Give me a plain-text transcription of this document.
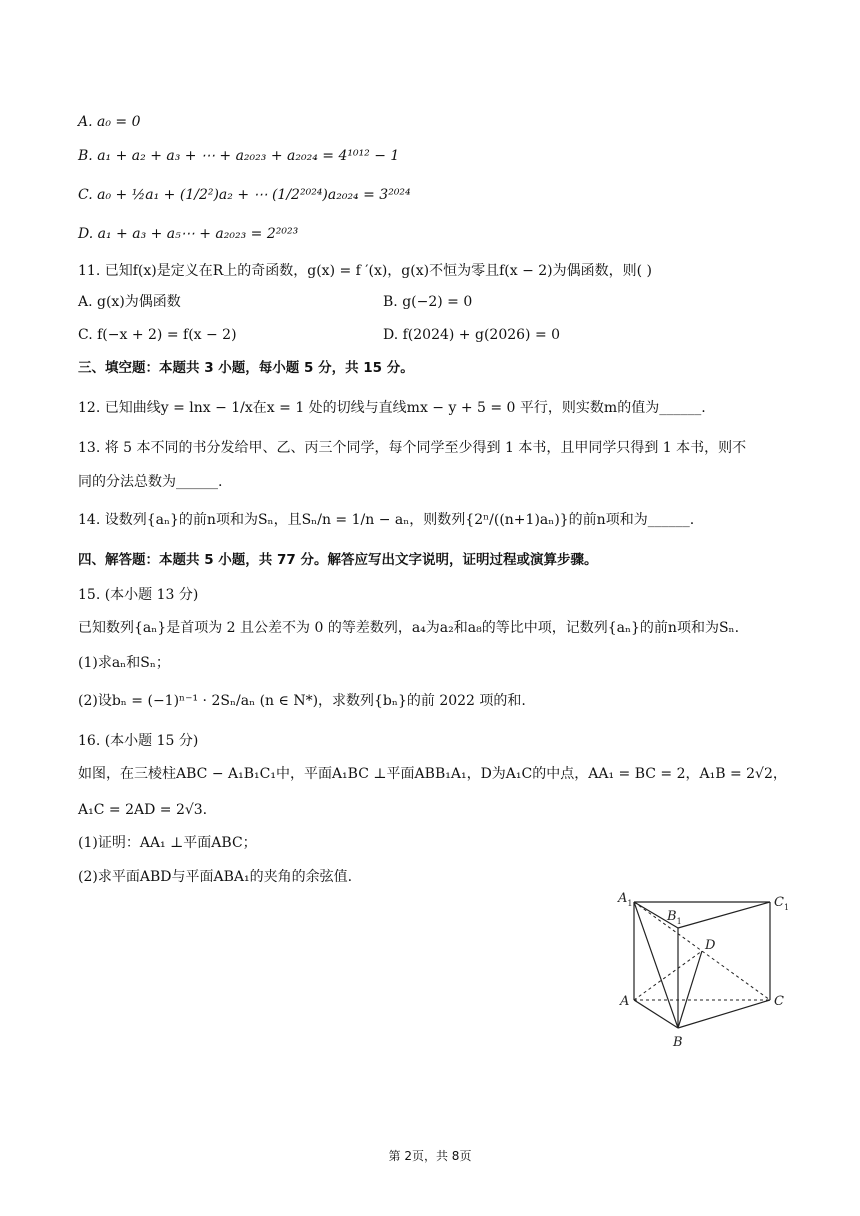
A. a₀ = 0
B. a₁ + a₂ + a₃ + ⋯ + a₂₀₂₃ + a₂₀₂₄ = 4¹⁰¹² − 1
C. a₀ + ½a₁ + (1/2²)a₂ + ⋯ (1/2²⁰²⁴)a₂₀₂₄ = 3²⁰²⁴
D. a₁ + a₃ + a₅⋯ + a₂₀₂₃ = 2²⁰²³
11. 已知f(x)是定义在R上的奇函数，g(x) = f ′(x)，g(x)不恒为零且f(x − 2)为偶函数，则( )
A. g(x)为偶函数	B. g(−2) = 0
C. f(−x + 2) = f(x − 2)	D. f(2024) + g(2026) = 0
三、填空题：本题共 3 小题，每小题 5 分，共 15 分。
12. 已知曲线y = lnx − 1/x在x = 1 处的切线与直线mx − y + 5 = 0 平行，则实数m的值为______.
13. 将 5 本不同的书分发给甲、乙、丙三个同学，每个同学至少得到 1 本书，且甲同学只得到 1 本书，则不
同的分法总数为______.
14. 设数列{aₙ}的前n项和为Sₙ，且Sₙ/n = 1/n − aₙ，则数列{2ⁿ/((n+1)aₙ)}的前n项和为______.
四、解答题：本题共 5 小题，共 77 分。解答应写出文字说明，证明过程或演算步骤。
15. (本小题 13 分)
已知数列{aₙ}是首项为 2 且公差不为 0 的等差数列，a₄为a₂和a₈的等比中项，记数列{aₙ}的前n项和为Sₙ.
(1)求aₙ和Sₙ；
(2)设bₙ = (−1)ⁿ⁻¹ · 2Sₙ/aₙ (n ∈ N*)，求数列{bₙ}的前 2022 项的和.
16. (本小题 15 分)
如图，在三棱柱ABC − A₁B₁C₁中，平面A₁BC ⊥平面ABB₁A₁，D为A₁C的中点，AA₁ = BC = 2，A₁B = 2√2，
A₁C = 2AD = 2√3.
(1)证明：AA₁ ⊥平面ABC；
(2)求平面ABD与平面ABA₁的夹角的余弦值.
$A_1$
$B_1$
$C_1$
D
A
B
C
第 2页，共 8页
